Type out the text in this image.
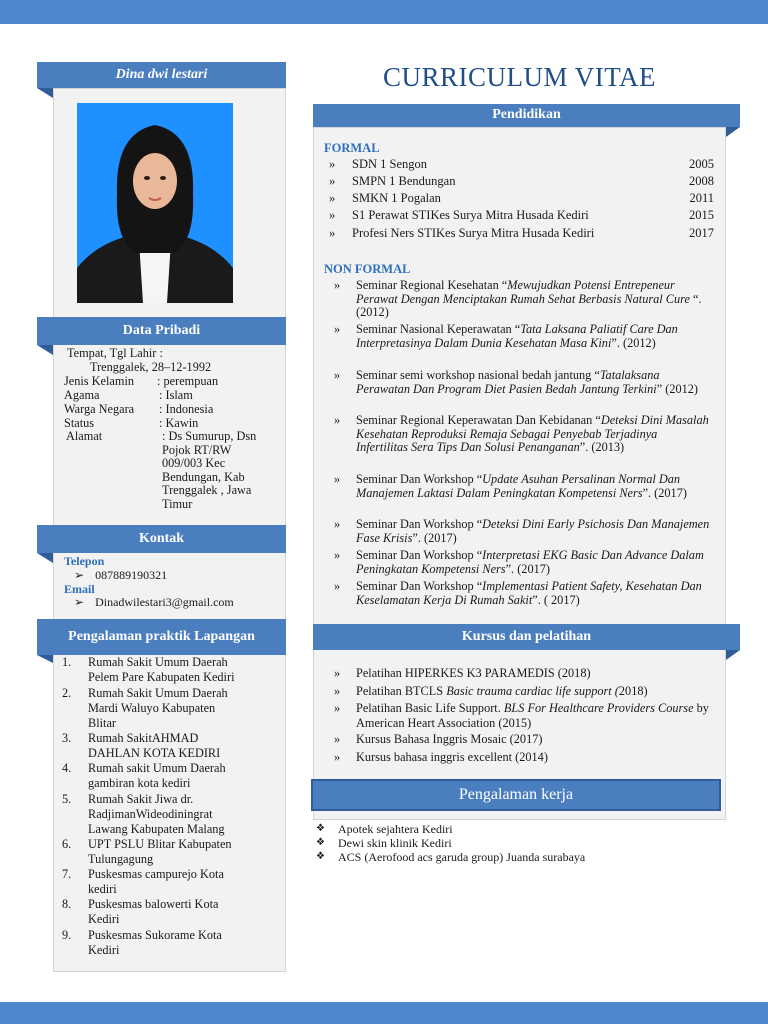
Dina dwi lestari	CURRICULUM VITAE
Pendidikan
FORMAL
» SDN 1 Sengon	2005
» SMPN 1 Bendungan	2008
» SMKN 1 Pogalan	2011
» S1 Perawat STIKes Surya Mitra Husada Kediri	2015
» Profesi Ners STIKes Surya Mitra Husada Kediri	2017
NON FORMAL
» Seminar Regional Kesehatan “Mewujudkan Potensi Entrepeneur Perawat Dengan Menciptakan Rumah Sehat Berbasis Natural Cure “.(2012)
» Seminar Nasional Keperawatan “Tata Laksana Paliatif Care Dan Interpretasinya Dalam Dunia Kesehatan Masa Kini”. (2012)
» Seminar semi workshop nasional bedah jantung “Tatalaksana Perawatan Dan Program Diet Pasien Bedah Jantung Terkini” (2012)
» Seminar Regional Keperawatan Dan Kebidanan “Deteksi Dini Masalah Kesehatan Reproduksi Remaja Sebagai Penyebab Terjadinya Infertilitas Sera Tips Dan Solusi Penanganan”. (2013)
» Seminar Dan Workshop “Update Asuhan Persalinan Normal Dan Manajemen Laktasi Dalam Peningkatan Kompetensi Ners”. (2017)
» Seminar Dan Workshop “Deteksi Dini Early Psichosis Dan Manajemen Fase Krisis”. (2017)
» Seminar Dan Workshop “Interpretasi EKG Basic Dan Advance Dalam Peningkatan Kompetensi Ners”. (2017)
» Seminar Dan Workshop “Implementasi Patient Safety, Kesehatan Dan Keselamatan Kerja Di Rumah Sakit”. ( 2017)
Data Pribadi
Tempat, Tgl Lahir :
Trenggalek, 28–12-1992
Jenis Kelamin : perempuan
Agama	: Islam
Warga Negara : Indonesia
Status	: Kawin
Alamat	: Ds Sumurup, Dsn
Pojok RT/RW
009/003 Kec
Bendungan, Kab
Trenggalek , Jawa
Timur
Kontak
Telepon
➢ 087889190321
Email
➢ Dinadwilestari3@gmail.com
Pengalaman praktik Lapangan
1. Rumah Sakit Umum Daerah
Pelem Pare Kabupaten Kediri
2. Rumah Sakit Umum Daerah
Mardi Waluyo Kabupaten
Blitar
3. Rumah SakitAHMAD
DAHLAN KOTA KEDIRI
4. Rumah sakit Umum Daerah
gambiran kota kediri
5. Rumah Sakit Jiwa dr.
RadjimanWideodiningrat
Lawang Kabupaten Malang
6. UPT PSLU Blitar Kabupaten
Tulungagung
7. Puskesmas campurejo Kota
kediri
8. Puskesmas balowerti Kota
Kediri
9. Puskesmas Sukorame Kota
Kediri
Kursus dan pelatihan
» Pelatihan HIPERKES K3 PARAMEDIS (2018)
» Pelatihan BTCLS Basic trauma cardiac life support (2018)
» Pelatihan Basic Life Support. BLS For Healthcare Providers Course by American Heart Association (2015)
» Kursus Bahasa Inggris Mosaic (2017)
» Kursus bahasa inggris excellent (2014)
Pengalaman kerja
❖ Apotek sejahtera Kediri
❖ Dewi skin klinik Kediri
❖ ACS (Aerofood acs garuda group) Juanda surabaya
